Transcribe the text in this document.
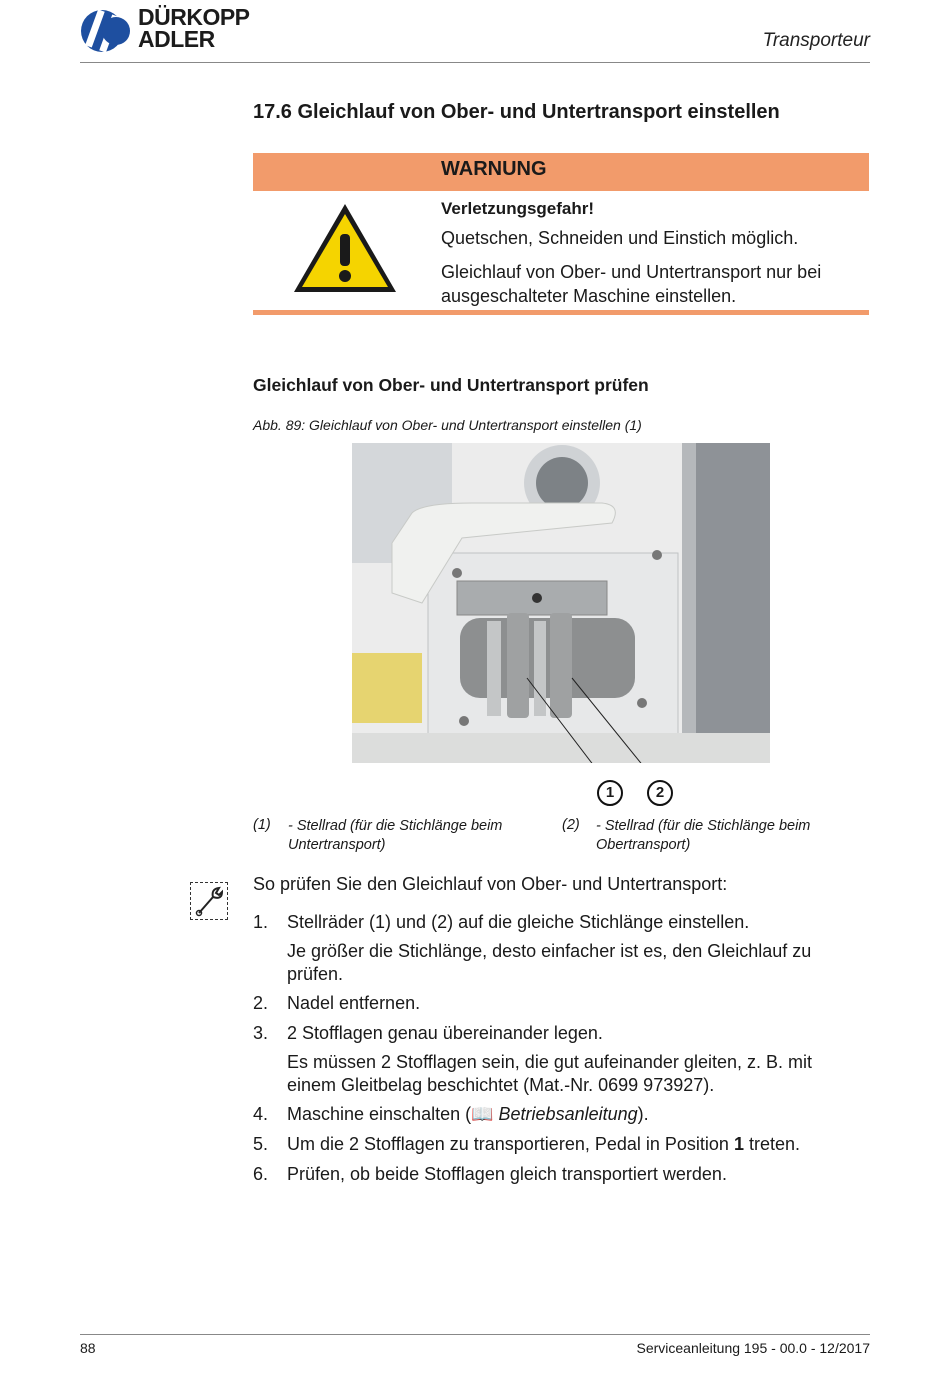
DÜRKOPP
ADLER	Transporteur
17.6 Gleichlauf von Ober- und Untertransport einstellen
WARNUNG
Verletzungsgefahr!
Quetschen, Schneiden und Einstich möglich.
Gleichlauf von Ober- und Untertransport nur bei ausgeschalteter Maschine einstellen.
Gleichlauf von Ober- und Untertransport prüfen
Abb. 89: Gleichlauf von Ober- und Untertransport einstellen (1)
1	2
(1) - Stellrad (für die Stichlänge beim Untertransport)
(2) - Stellrad (für die Stichlänge beim Obertransport)
So prüfen Sie den Gleichlauf von Ober- und Untertransport:
1.	Stellräder (1) und (2) auf die gleiche Stichlänge einstellen.
Je größer die Stichlänge, desto einfacher ist es, den Gleichlauf zu prüfen.
2.	Nadel entfernen.
3.	2 Stofflagen genau übereinander legen.
Es müssen 2 Stofflagen sein, die gut aufeinander gleiten, z. B. mit einem Gleitbelag beschichtet (Mat.-Nr. 0699 973927).
4.	Maschine einschalten (📖 Betriebsanleitung).
5.	Um die 2 Stofflagen zu transportieren, Pedal in Position 1 treten.
6.	Prüfen, ob beide Stofflagen gleich transportiert werden.
88	Serviceanleitung 195 - 00.0 - 12/2017
